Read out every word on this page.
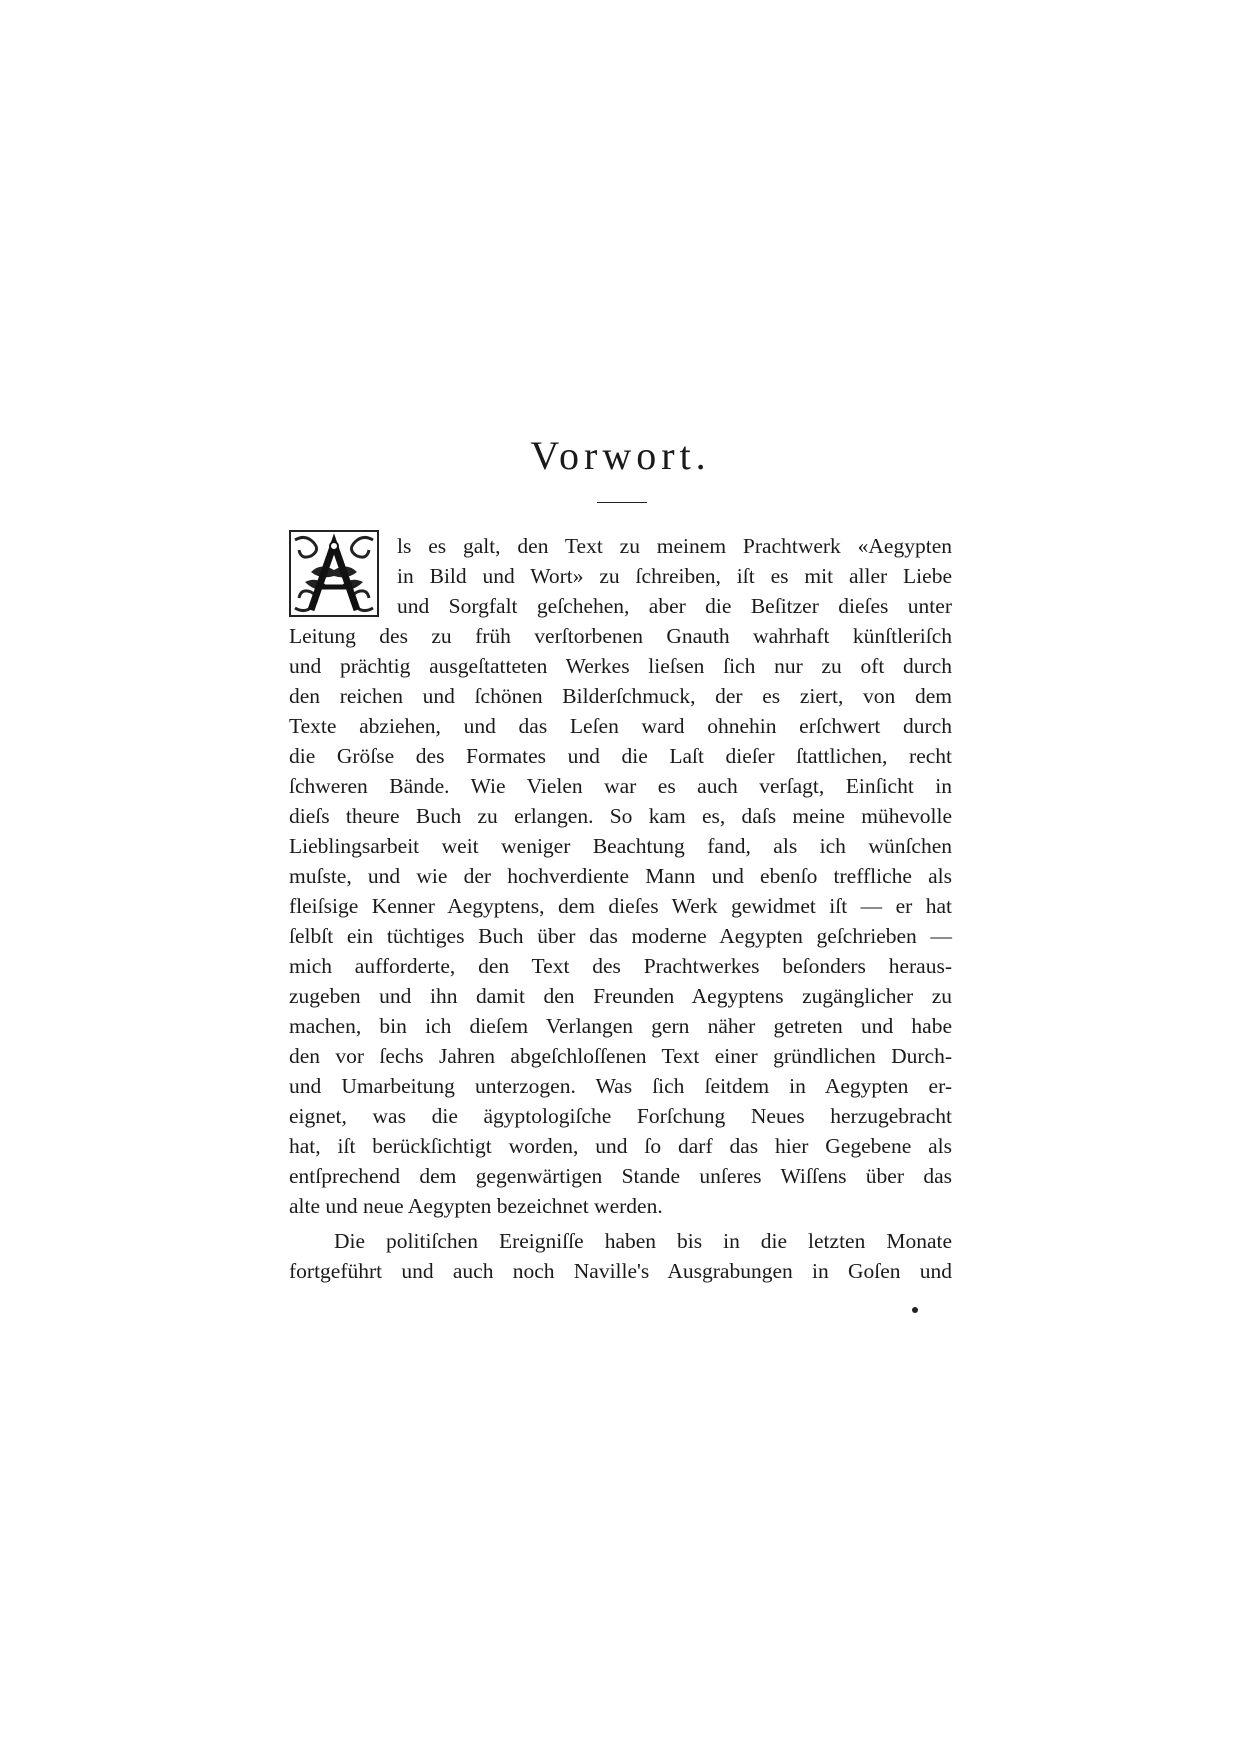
Vorwort.
ls es galt, den Text zu meinem Prachtwerk «Aegypten
in Bild und Wort» zu ſchreiben, iſt es mit aller Liebe
und Sorgfalt geſchehen, aber die Beſitzer dieſes unter
Leitung des zu früh verſtorbenen Gnauth wahrhaft künſtleriſch
und prächtig ausgeſtatteten Werkes lieſsen ſich nur zu oft durch
den reichen und ſchönen Bilderſchmuck, der es ziert, von dem
Texte abziehen, und das Leſen ward ohnehin erſchwert durch
die Gröſse des Formates und die Laſt dieſer ſtattlichen, recht
ſchweren Bände. Wie Vielen war es auch verſagt, Einſicht in
dieſs theure Buch zu erlangen. So kam es, daſs meine mühevolle
Lieblingsarbeit weit weniger Beachtung fand, als ich wünſchen
muſste, und wie der hochverdiente Mann und ebenſo treffliche als
fleiſsige Kenner Aegyptens, dem dieſes Werk gewidmet iſt — er hat
ſelbſt ein tüchtiges Buch über das moderne Aegypten geſchrieben —
mich aufforderte, den Text des Prachtwerkes beſonders heraus-
zugeben und ihn damit den Freunden Aegyptens zugänglicher zu
machen, bin ich dieſem Verlangen gern näher getreten und habe
den vor ſechs Jahren abgeſchloſſenen Text einer gründlichen Durch-
und Umarbeitung unterzogen. Was ſich ſeitdem in Aegypten er-
eignet, was die ägyptologiſche Forſchung Neues herzugebracht
hat, iſt berückſichtigt worden, und ſo darf das hier Gegebene als
entſprechend dem gegenwärtigen Stande unſeres Wiſſens über das
alte und neue Aegypten bezeichnet werden.
Die politiſchen Ereigniſſe haben bis in die letzten Monate
fortgeführt und auch noch Naville's Ausgrabungen in Goſen und
